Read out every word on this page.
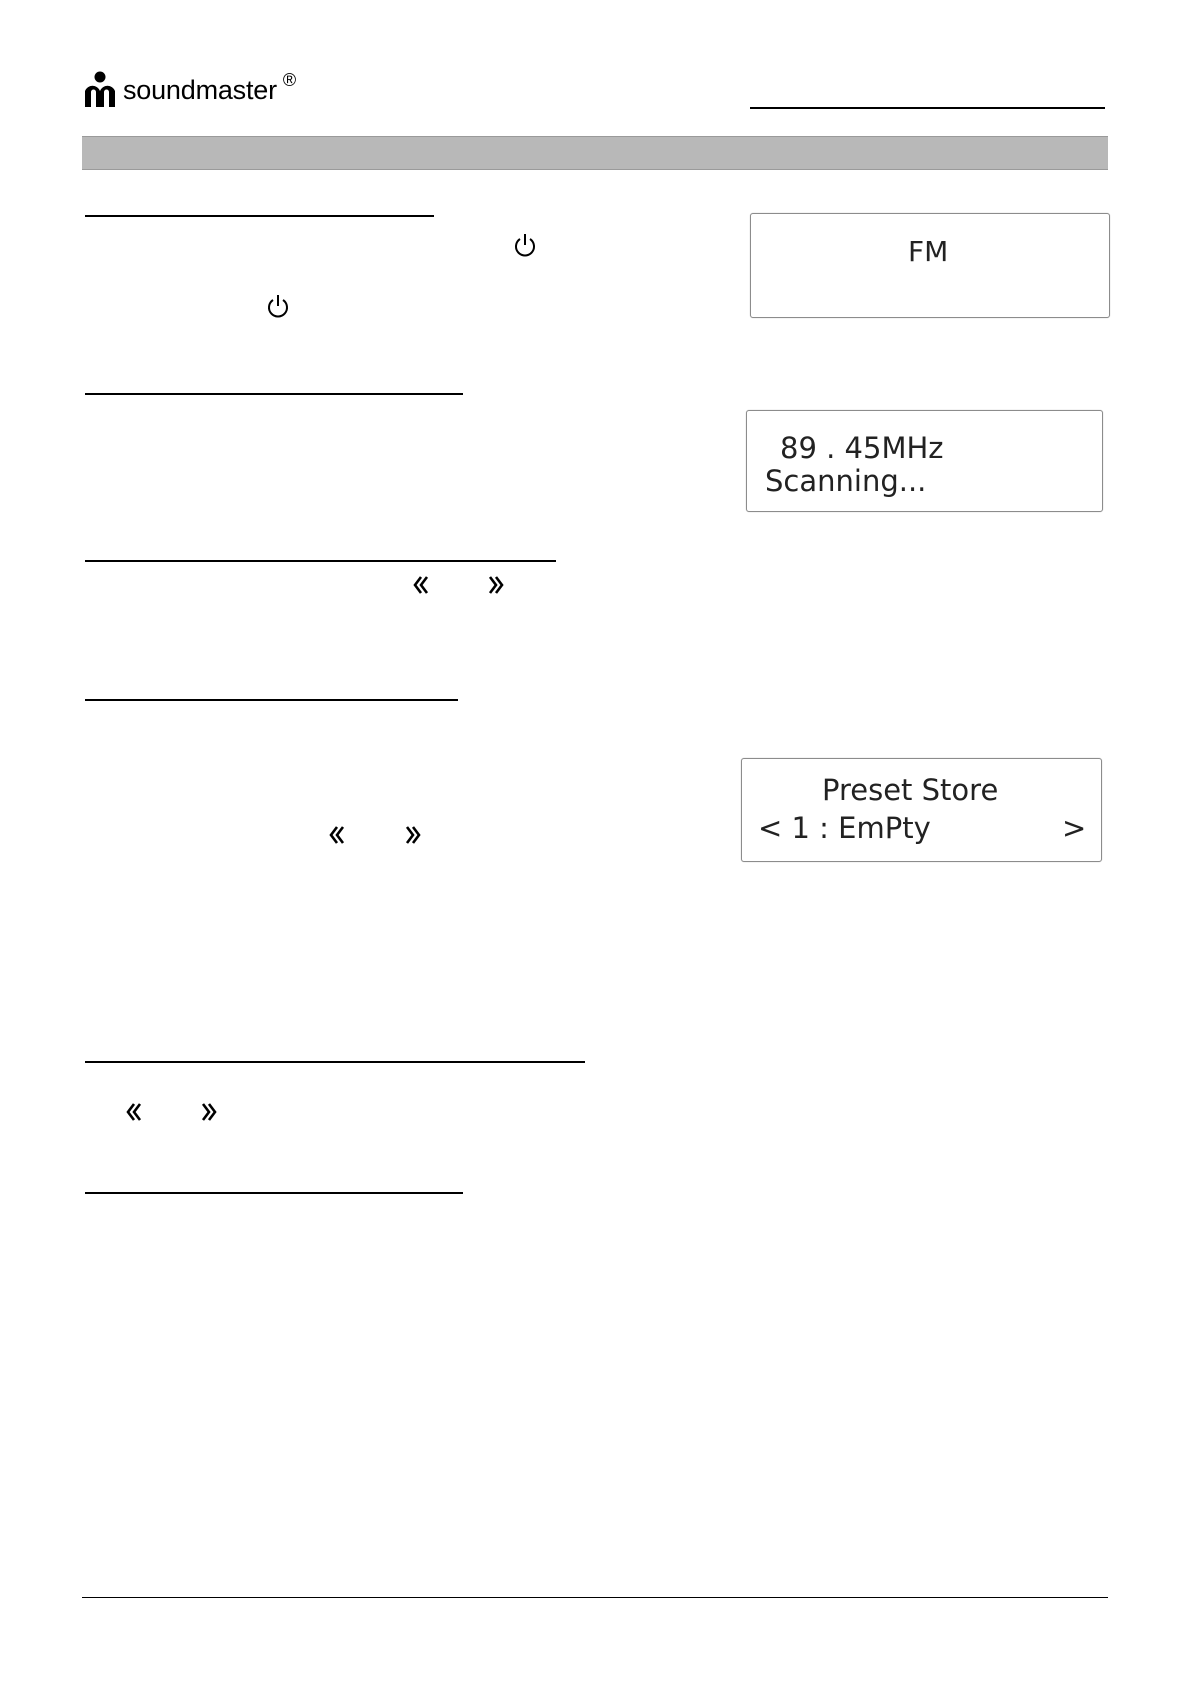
soundmaster ®
FM
89 . 45MHz
Scanning...
Preset Store
< 1 : EmPty	>
